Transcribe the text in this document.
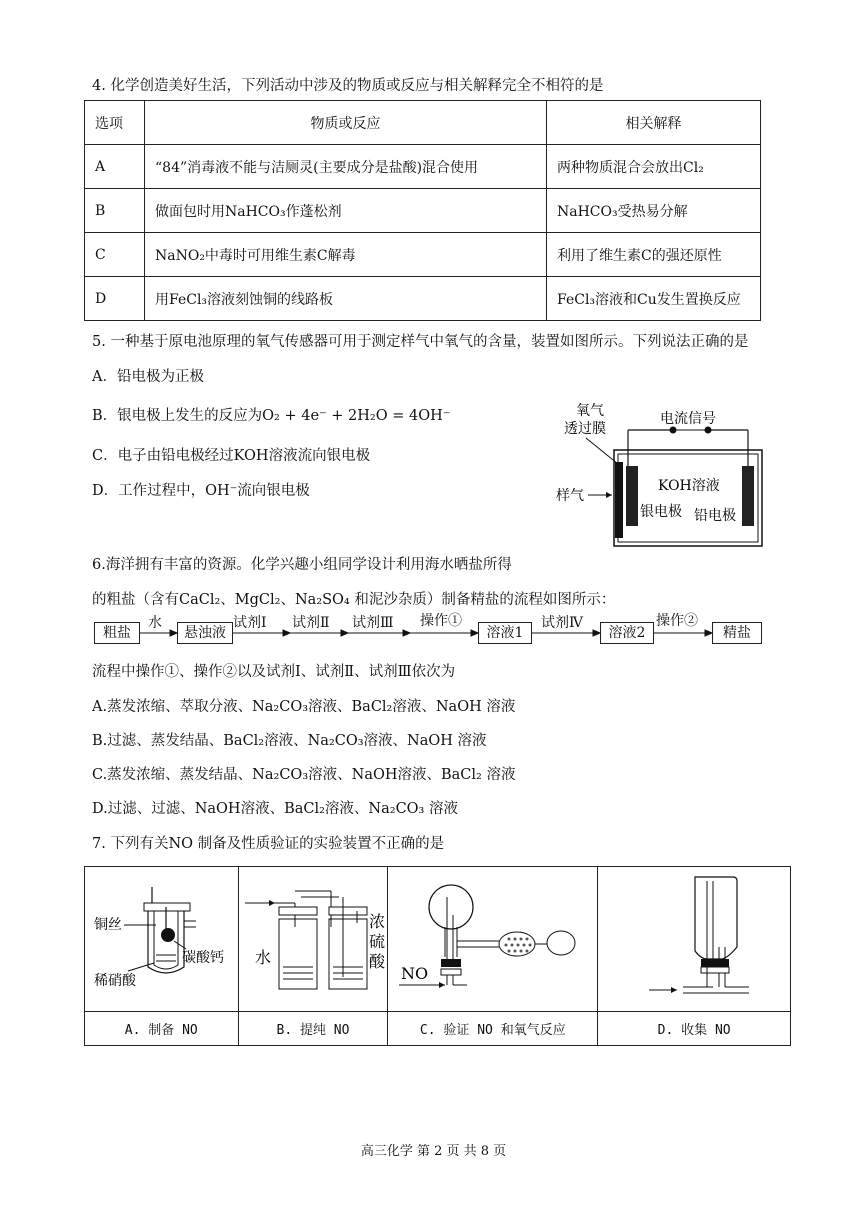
4. 化学创造美好生活，下列活动中涉及的物质或反应与相关解释完全不相符的是
选项	物质或反应	相关解释
A	“84”消毒液不能与洁厕灵(主要成分是盐酸)混合使用	两种物质混合会放出Cl₂
B	做面包时用NaHCO₃作蓬松剂	NaHCO₃受热易分解
C	NaNO₂中毒时可用维生素C解毒	利用了维生素C的强还原性
D	用FeCl₃溶液刻蚀铜的线路板	FeCl₃溶液和Cu发生置换反应
5. 一种基于原电池原理的氧气传感器可用于测定样气中氧气的含量，装置如图所示。下列说法正确的是
A．铅电极为正极
B．银电极上发生的反应为O₂ + 4e⁻ + 2H₂O = 4OH⁻
C．电子由铅电极经过KOH溶液流向银电极
D．工作过程中，OH⁻流向银电极
氧气
透过膜
电流信号
KOH溶液
银电极 铅电极
样气
6.海洋拥有丰富的资源。化学兴趣小组同学设计利用海水晒盐所得
的粗盐（含有CaCl₂、MgCl₂、Na₂SO₄ 和泥沙杂质）制备精盐的流程如图所示：
粗盐	悬浊液	溶液1	溶液2	精盐
水	试剂Ⅰ 试剂Ⅱ 试剂Ⅲ 操作①	试剂Ⅳ	操作②
流程中操作①、操作②以及试剂Ⅰ、试剂Ⅱ、试剂Ⅲ依次为
A.蒸发浓缩、萃取分液、Na₂CO₃溶液、BaCl₂溶液、NaOH 溶液
B.过滤、蒸发结晶、BaCl₂溶液、Na₂CO₃溶液、NaOH 溶液
C.蒸发浓缩、蒸发结晶、Na₂CO₃溶液、NaOH溶液、BaCl₂ 溶液
D.过滤、过滤、NaOH溶液、BaCl₂溶液、Na₂CO₃ 溶液
7. 下列有关NO 制备及性质验证的实验装置不正确的是
铜丝
碳酸钙
稀硝酸	水
浓
硫
酸	NO

A. 制备 NO	B. 提纯 NO	C. 验证 NO 和氧气反应	D. 收集 NO
高三化学 第 2 页 共 8 页
